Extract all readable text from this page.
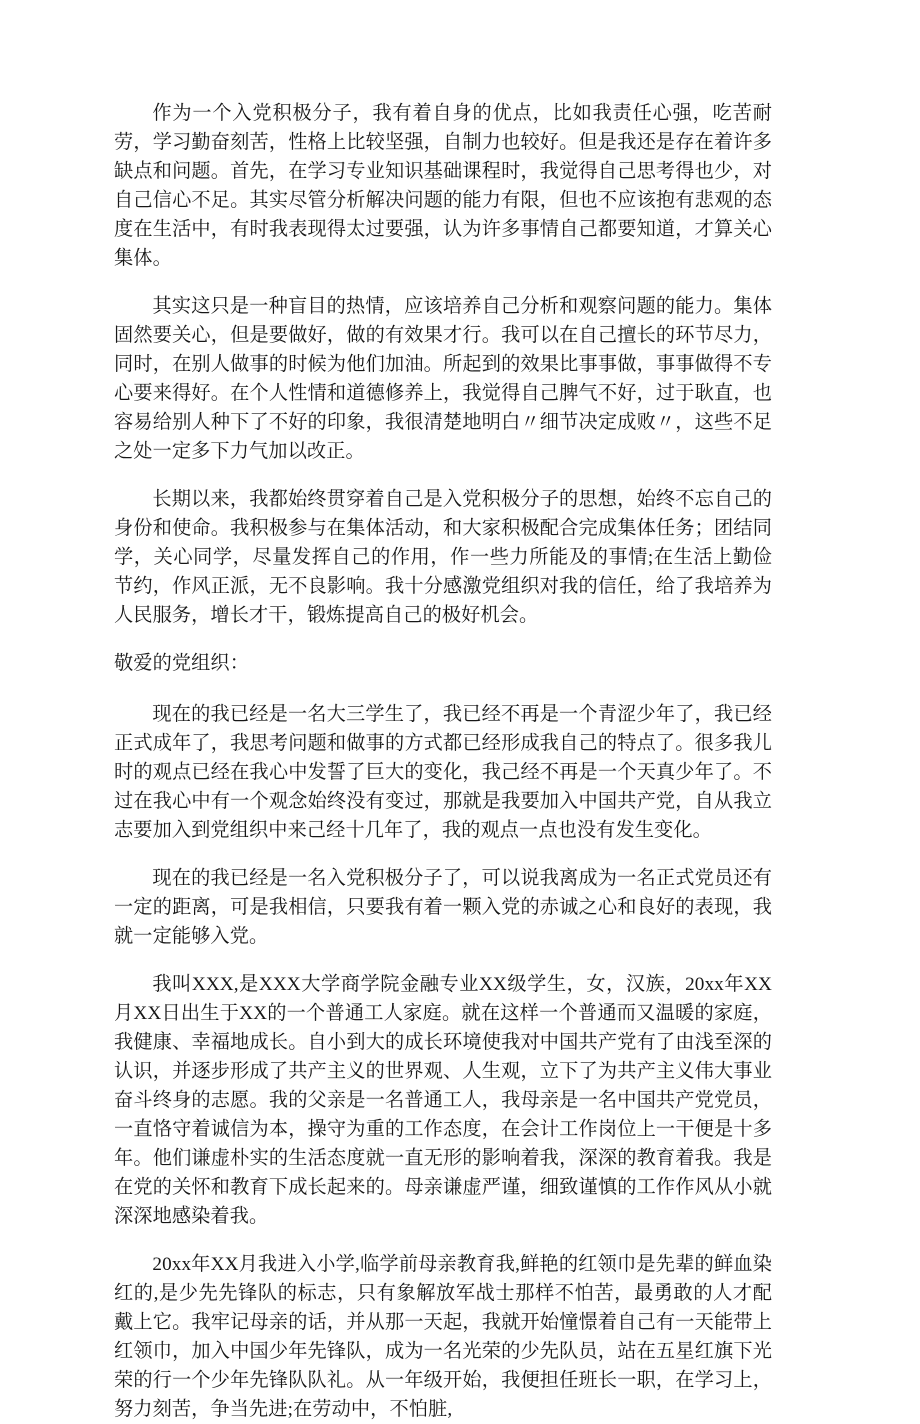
作为一个入党积极分子，我有着自身的优点，比如我责任心强，吃苦耐劳，学习勤奋刻苦，性格上比较坚强，自制力也较好。但是我还是存在着许多缺点和问题。首先，在学习专业知识基础课程时，我觉得自己思考得也少，对自己信心不足。其实尽管分析解决问题的能力有限，但也不应该抱有悲观的态度在生活中，有时我表现得太过要强，认为许多事情自己都要知道，才算关心集体。

其实这只是一种盲目的热情，应该培养自己分析和观察问题的能力。集体固然要关心，但是要做好，做的有效果才行。我可以在自己擅长的环节尽力，同时，在别人做事的时候为他们加油。所起到的效果比事事做，事事做得不专心要来得好。在个人性情和道德修养上，我觉得自己脾气不好，过于耿直，也容易给别人种下了不好的印象，我很清楚地明白〃细节决定成败〃，这些不足之处一定多下力气加以改正。

长期以来，我都始终贯穿着自己是入党积极分子的思想，始终不忘自己的身份和使命。我积极参与在集体活动，和大家积极配合完成集体任务；团结同学，关心同学，尽量发挥自己的作用，作一些力所能及的事情;在生活上勤俭节约，作风正派，无不良影响。我十分感激党组织对我的信任，给了我培养为人民服务，增长才干，锻炼提高自己的极好机会。

敬爱的党组织：

现在的我已经是一名大三学生了，我已经不再是一个青涩少年了，我已经正式成年了，我思考问题和做事的方式都已经形成我自己的特点了。很多我儿时的观点已经在我心中发誓了巨大的变化，我己经不再是一个天真少年了。不过在我心中有一个观念始终没有变过，那就是我要加入中国共产党，自从我立志要加入到党组织中来己经十几年了，我的观点一点也没有发生变化。

现在的我已经是一名入党积极分子了，可以说我离成为一名正式党员还有一定的距离，可是我相信，只要我有着一颗入党的赤诚之心和良好的表现，我就一定能够入党。

我叫XXX,是XXX大学商学院金融专业XX级学生，女，汉族，20xx年XX月XX日出生于XX的一个普通工人家庭。就在这样一个普通而又温暖的家庭，我健康、幸福地成长。自小到大的成长环境使我对中国共产党有了由浅至深的认识，并逐步形成了共产主义的世界观、人生观，立下了为共产主义伟大事业奋斗终身的志愿。我的父亲是一名普通工人，我母亲是一名中国共产党党员，一直恪守着诚信为本，操守为重的工作态度，在会计工作岗位上一干便是十多年。他们谦虚朴实的生活态度就一直无形的影响着我，深深的教育着我。我是在党的关怀和教育下成长起来的。母亲谦虚严谨，细致谨慎的工作作风从小就深深地感染着我。

20xx年XX月我进入小学,临学前母亲教育我,鲜艳的红领巾是先辈的鲜血染红的,是少先先锋队的标志，只有象解放军战士那样不怕苦，最勇敢的人才配戴上它。我牢记母亲的话，并从那一天起，我就开始憧憬着自己有一天能带上红领巾，加入中国少年先锋队，成为一名光荣的少先队员，站在五星红旗下光荣的行一个少年先锋队队礼。从一年级开始，我便担任班长一职，在学习上，努力刻苦，争当先进;在劳动中，不怕脏,
